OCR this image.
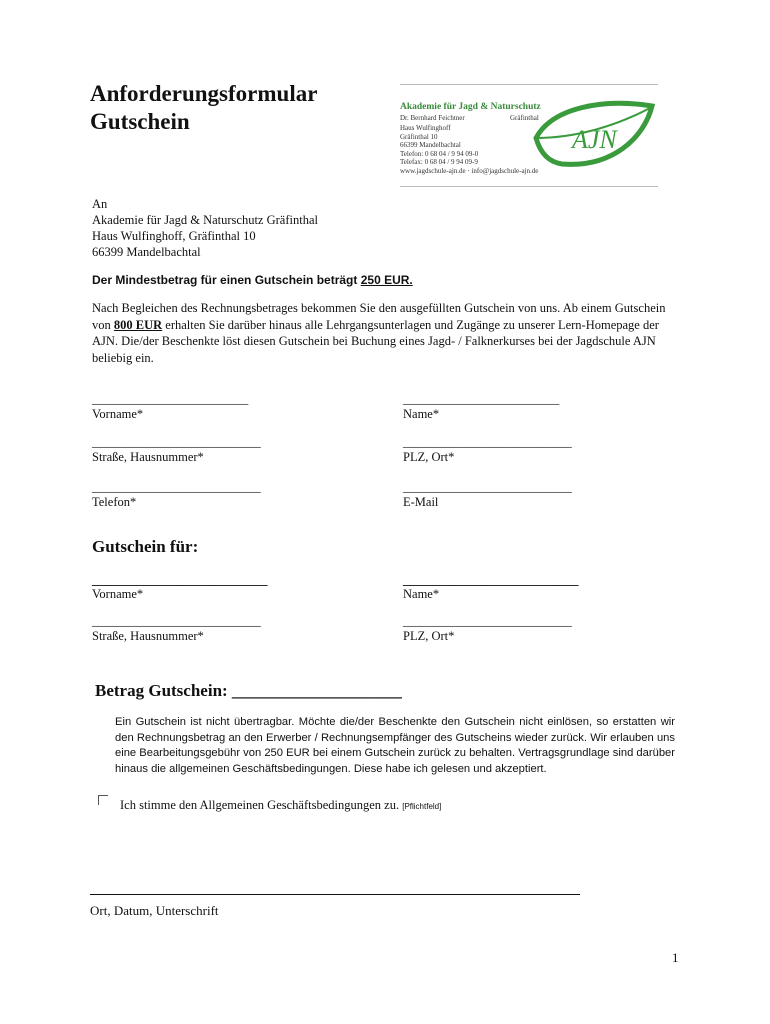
Anforderungsformular
Gutschein
Akademie für Jagd & Naturschutz
Dr. Bernhard Feichtner	Gräfinthal
Haus Wulfinghoff
Gräfinthal 10
66399 Mandelbachtal
Telefon: 0 68 04 / 9 94 09-0
Telefax: 0 68 04 / 9 94 09-9
www.jagdschule-ajn.de · info@jagdschule-ajn.de
AJN
An
Akademie für Jagd & Naturschutz Gräfinthal
Haus Wulfinghoff, Gräfinthal 10
66399 Mandelbachtal
Der Mindestbetrag für einen Gutschein beträgt 250 EUR.
Nach Begleichen des Rechnungsbetrages bekommen Sie den ausgefüllten Gutschein von uns. Ab einem Gutschein von 800 EUR erhalten Sie darüber hinaus alle Lehrgangsunterlagen und Zugänge zu unserer Lern-Homepage der AJN. Die/der Beschenkte löst diesen Gutschein bei Buchung eines Jagd- / Falknerkurses bei der Jagdschule AJN beliebig ein.
_________________________
Vorname*
_________________________
Name*
___________________________
Straße, Hausnummer*
___________________________
PLZ, Ort*
___________________________
Telefon*
___________________________
E-Mail
Gutschein für:
___________________________
Vorname*
___________________________
Name*
___________________________
Straße, Hausnummer*
___________________________
PLZ, Ort*
Betrag Gutschein: ____________________
Ein Gutschein ist nicht übertragbar. Möchte die/der Beschenkte den Gutschein nicht einlösen, so erstatten wir den Rechnungsbetrag an den Erwerber / Rechnungsempfänger des Gutscheins wieder zurück. Wir erlauben uns eine Bearbeitungsgebühr von 250 EUR bei einem Gutschein zurück zu behalten. Vertragsgrundlage sind darüber hinaus die allgemeinen Geschäftsbedingungen. Diese habe ich gelesen und akzeptiert.
Ich stimme den Allgemeinen Geschäftsbedingungen zu. [Pflichtfeld]
Ort, Datum, Unterschrift
1
